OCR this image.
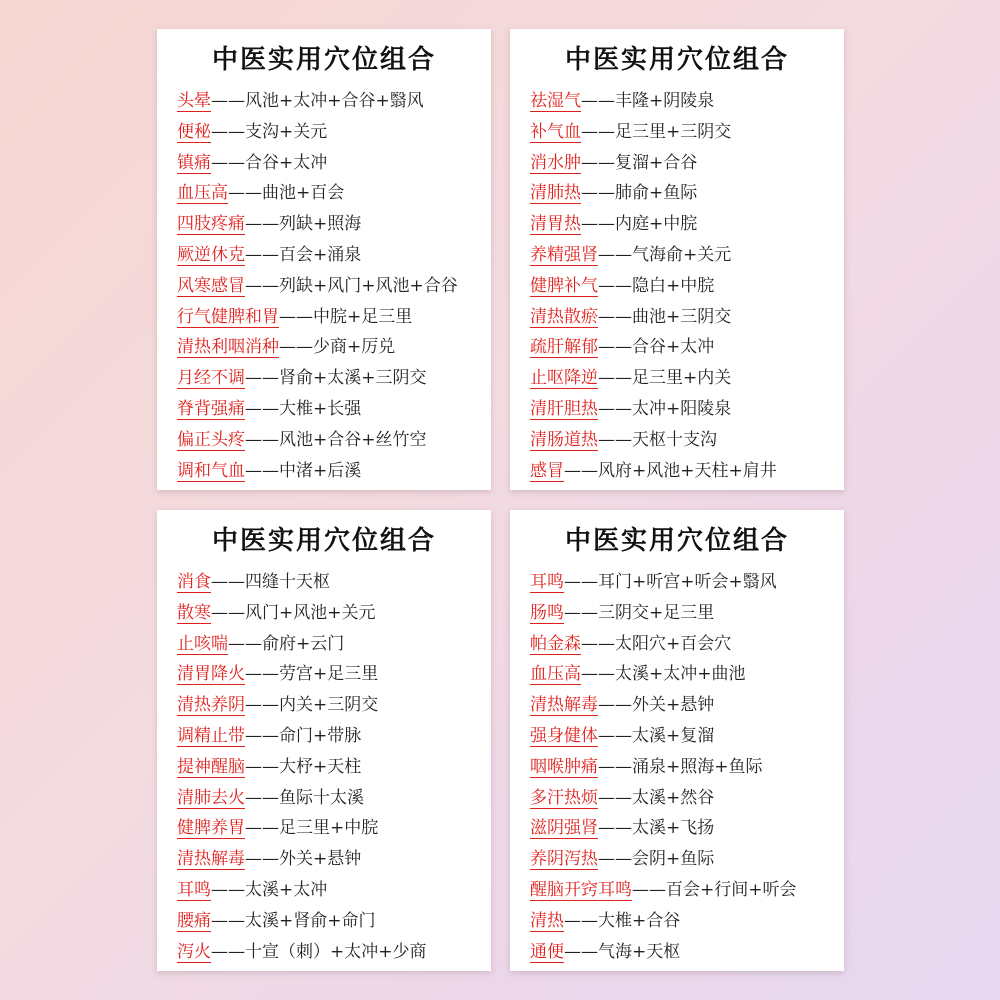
中医实用穴位组合
头晕——风池+太冲+合谷+翳风
便秘——支沟+关元
镇痛——合谷+太冲
血压高——曲池+百会
四肢疼痛——列缺+照海
厥逆休克——百会+涌泉
风寒感冒——列缺+风门+风池+合谷
行气健脾和胃——中脘+足三里
清热利咽消种——少商+厉兑
月经不调——肾俞+太溪+三阴交
脊背强痛——大椎+长强
偏正头疼——风池+合谷+丝竹空
调和气血——中渚+后溪
中医实用穴位组合
祛湿气——丰隆+阴陵泉
补气血——足三里+三阴交
消水肿——复溜+合谷
清肺热——肺俞+鱼际
清胃热——内庭+中脘
养精强肾——气海俞+关元
健脾补气——隐白+中脘
清热散瘀——曲池+三阴交
疏肝解郁——合谷+太冲
止呕降逆——足三里+内关
清肝胆热——太冲+阳陵泉
清肠道热——天枢十支沟
感冒——风府+风池+天柱+肩井
中医实用穴位组合
消食——四缝十天枢
散寒——风门+风池+关元
止咳喘——俞府+云门
清胃降火——劳宫+足三里
清热养阴——内关+三阴交
调精止带——命门+带脉
提神醒脑——大杼+天柱
清肺去火——鱼际十太溪
健脾养胃——足三里+中脘
清热解毒——外关+悬钟
耳鸣——太溪+太冲
腰痛——太溪+肾俞+命门
泻火——十宣（刺）+太冲+少商
中医实用穴位组合
耳鸣——耳门+听宫+听会+翳风
肠鸣——三阴交+足三里
帕金森——太阳穴+百会穴
血压高——太溪+太冲+曲池
清热解毒——外关+悬钟
强身健体——太溪+复溜
咽喉肿痛——涌泉+照海+鱼际
多汗热烦——太溪+然谷
滋阴强肾——太溪+飞扬
养阴泻热——会阴+鱼际
醒脑开窍耳鸣——百会+行间+听会
清热——大椎+合谷
通便——气海+天枢
